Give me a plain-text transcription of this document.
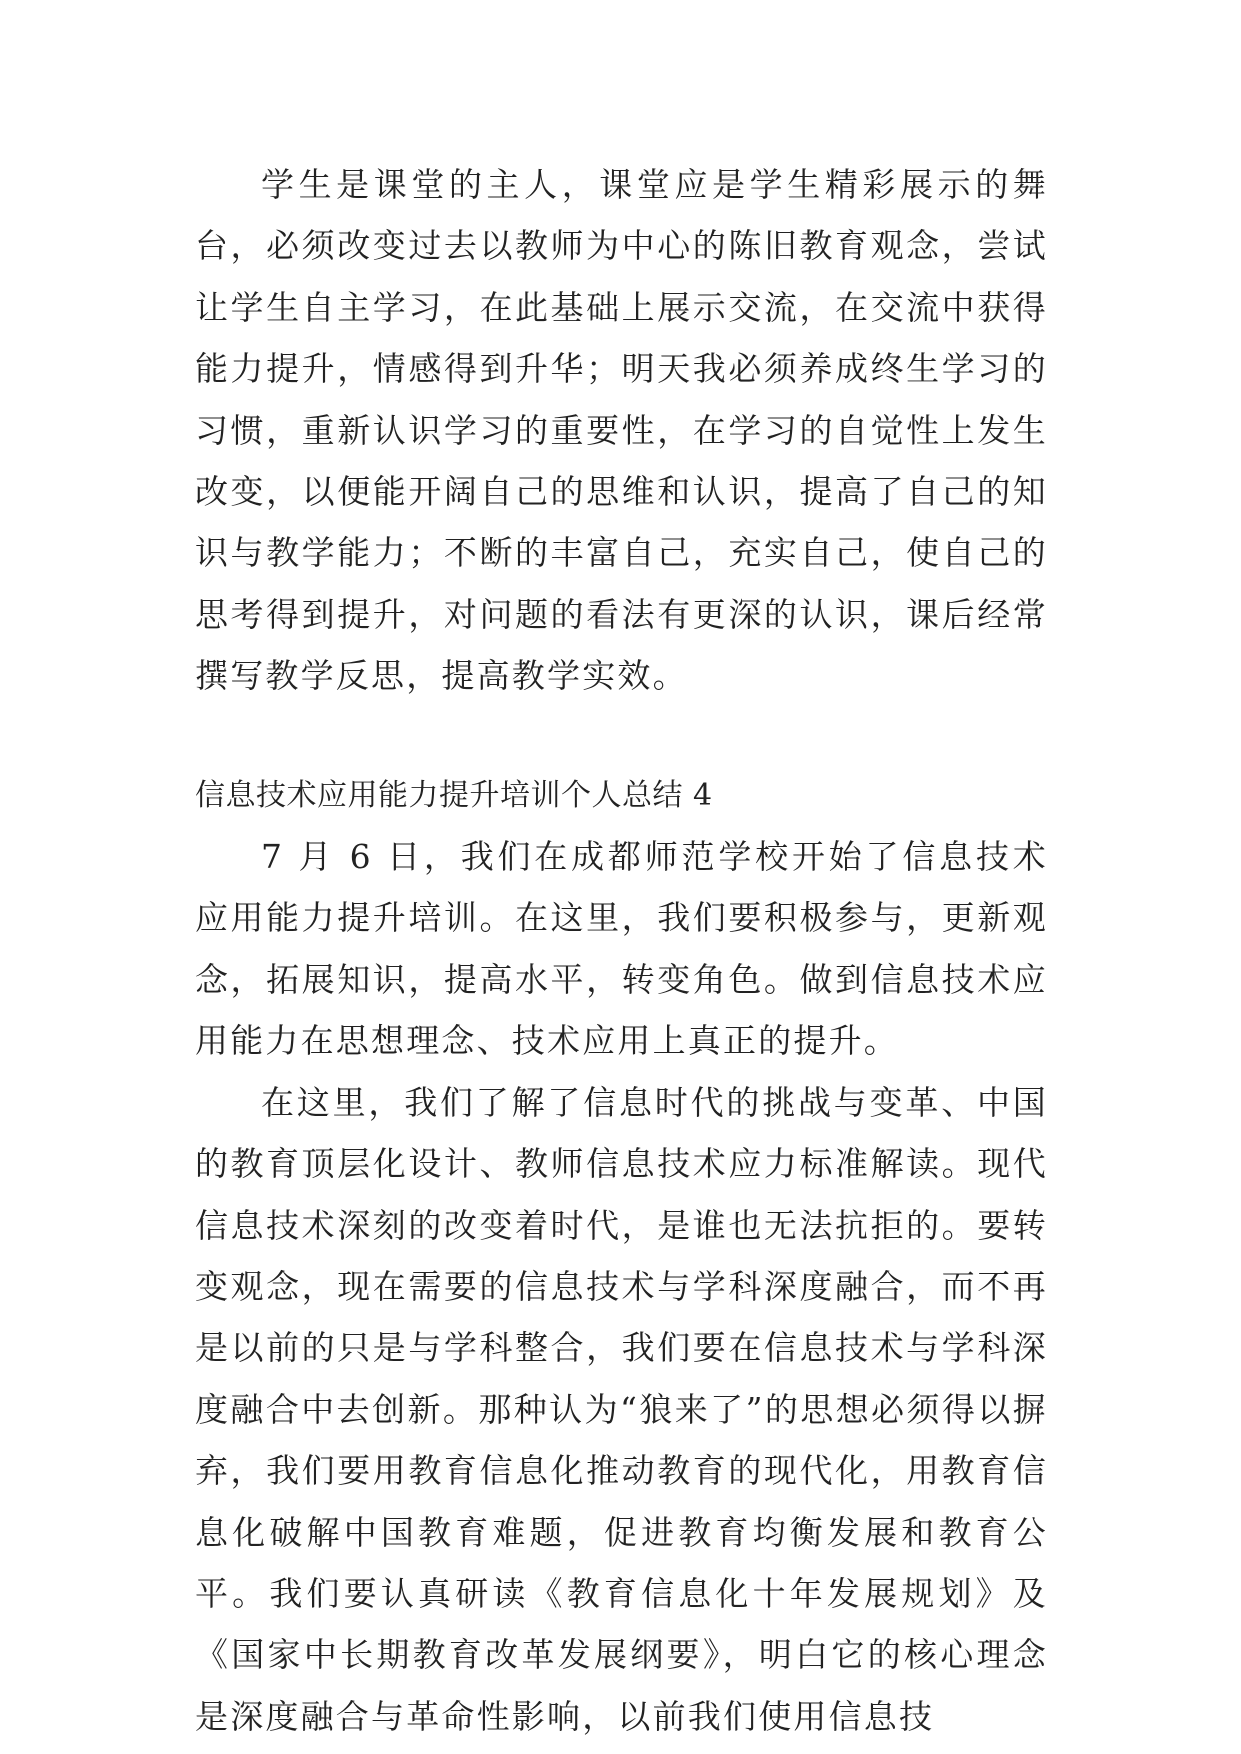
学生是课堂的主人，课堂应是学生精彩展示的舞台，必须改变过去以教师为中心的陈旧教育观念，尝试让学生自主学习，在此基础上展示交流，在交流中获得能力提升，情感得到升华；明天我必须养成终生学习的习惯，重新认识学习的重要性，在学习的自觉性上发生改变，以便能开阔自己的思维和认识，提高了自己的知识与教学能力；不断的丰富自己，充实自己，使自己的思考得到提升，对问题的看法有更深的认识，课后经常撰写教学反思，提高教学实效。

信息技术应用能力提升培训个人总结 4

7 月 6 日，我们在成都师范学校开始了信息技术应用能力提升培训。在这里，我们要积极参与，更新观念，拓展知识，提高水平，转变角色。做到信息技术应用能力在思想理念、技术应用上真正的提升。

在这里，我们了解了信息时代的挑战与变革、中国的教育顶层化设计、教师信息技术应力标准解读。现代信息技术深刻的改变着时代，是谁也无法抗拒的。要转变观念，现在需要的信息技术与学科深度融合，而不再是以前的只是与学科整合，我们要在信息技术与学科深度融合中去创新。那种认为“狼来了”的思想必须得以摒弃，我们要用教育信息化推动教育的现代化，用教育信息化破解中国教育难题，促进教育均衡发展和教育公平。我们要认真研读《教育信息化十年发展规划》及《国家中长期教育改革发展纲要》，明白它的核心理念是深度融合与革命性影响，以前我们使用信息技
